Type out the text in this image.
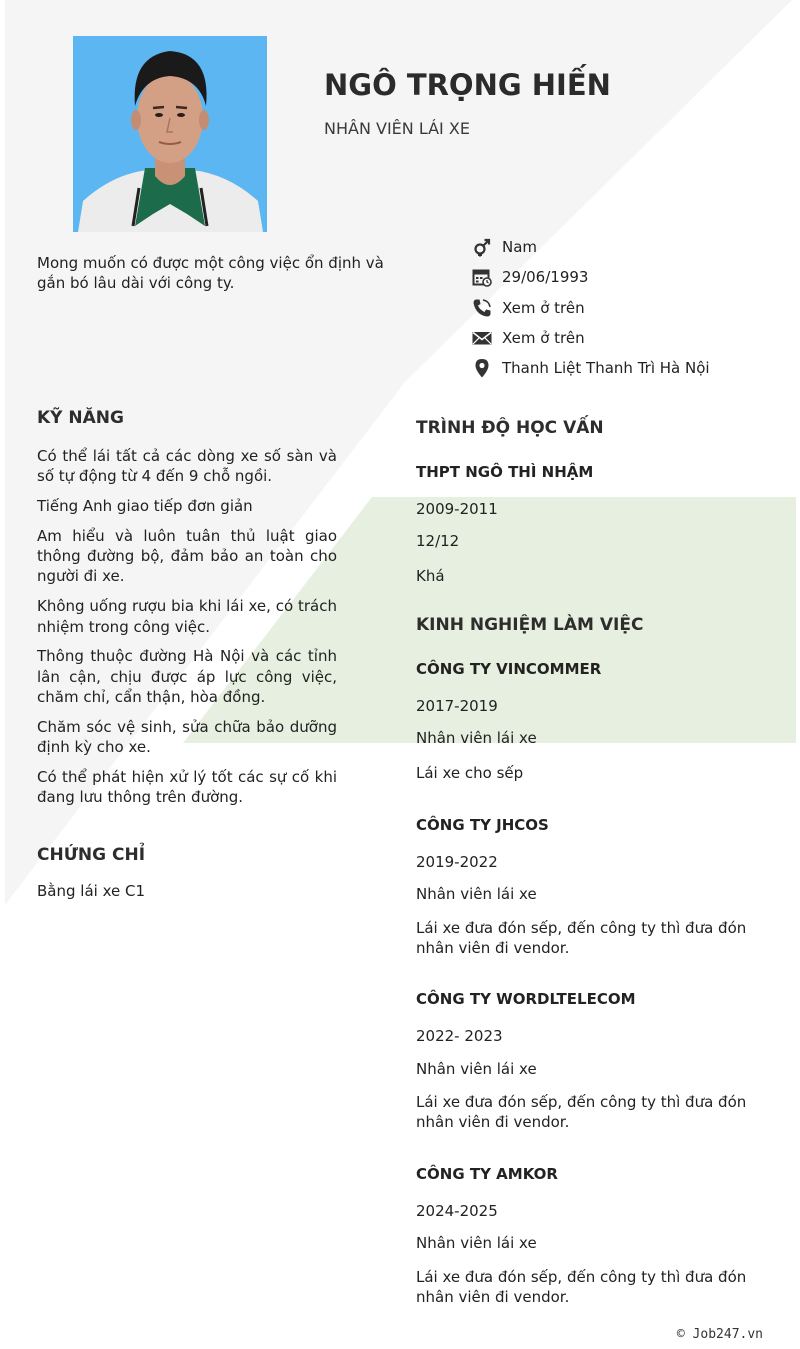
NGÔ TRỌNG HIẾN
NHÂN VIÊN LÁI XE
Mong muốn có được một công việc ổn định và gắn bó lâu dài với công ty.
Nam
29/06/1993
Xem ở trên
Xem ở trên
Thanh Liệt Thanh Trì Hà Nội
KỸ NĂNG
Có thể lái tất cả các dòng xe số sàn và số tự động từ 4 đến 9 chỗ ngồi.
Tiếng Anh giao tiếp đơn giản
Am hiểu và luôn tuân thủ luật giao thông đường bộ, đảm bảo an toàn cho người đi xe.
Không uống rượu bia khi lái xe, có trách nhiệm trong công việc.
Thông thuộc đường Hà Nội và các tỉnh lân cận, chịu được áp lực công việc, chăm chỉ, cẩn thận, hòa đồng.
Chăm sóc vệ sinh, sửa chữa bảo dưỡng định kỳ cho xe.
Có thể phát hiện xử lý tốt các sự cố khi đang lưu thông trên đường.
CHỨNG CHỈ
Bằng lái xe C1
TRÌNH ĐỘ HỌC VẤN
THPT NGÔ THÌ NHẬM
2009-2011
12/12
Khá
KINH NGHIỆM LÀM VIỆC
CÔNG TY VINCOMMER
2017-2019
Nhân viên lái xe
Lái xe cho sếp
CÔNG TY JHCOS
2019-2022
Nhân viên lái xe
Lái xe đưa đón sếp, đến công ty thì đưa đón nhân viên đi vendor.
CÔNG TY WORDLTELECOM
2022- 2023
Nhân viên lái xe
Lái xe đưa đón sếp, đến công ty thì đưa đón nhân viên đi vendor.
CÔNG TY AMKOR
2024-2025
Nhân viên lái xe
Lái xe đưa đón sếp, đến công ty thì đưa đón nhân viên đi vendor.
© Job247.vn
